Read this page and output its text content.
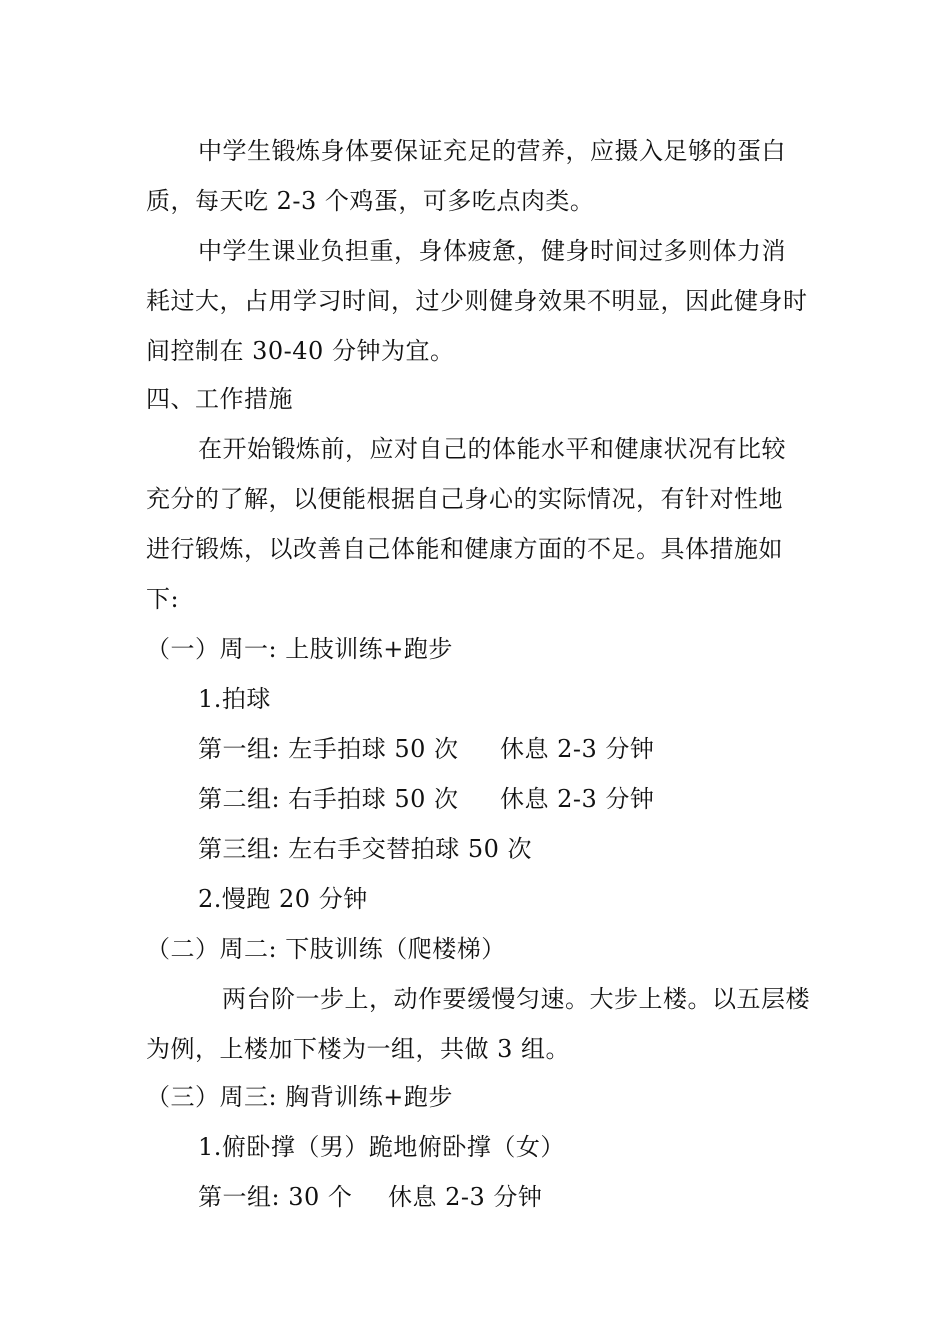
中学生锻炼身体要保证充足的营养，应摄入足够的蛋白
质，每天吃 2-3 个鸡蛋，可多吃点肉类。
中学生课业负担重，身体疲惫，健身时间过多则体力消
耗过大，占用学习时间，过少则健身效果不明显，因此健身时
间控制在 30-40 分钟为宜。
四、工作措施
在开始锻炼前，应对自己的体能水平和健康状况有比较
充分的了解，以便能根据自己身心的实际情况，有针对性地
进行锻炼，以改善自己体能和健康方面的不足。具体措施如
下:
（一）周一: 上肢训练+跑步
1.拍球
第一组: 左手拍球 50 次 休息 2-3 分钟
第二组: 右手拍球 50 次 休息 2-3 分钟
第三组: 左右手交替拍球 50 次
2.慢跑 20 分钟
（二）周二: 下肢训练（爬楼梯）
两台阶一步上，动作要缓慢匀速。大步上楼。以五层楼
为例，上楼加下楼为一组，共做 3 组。
（三）周三: 胸背训练+跑步
1.俯卧撑（男）跪地俯卧撑（女）
第一组: 30 个 休息 2-3 分钟
